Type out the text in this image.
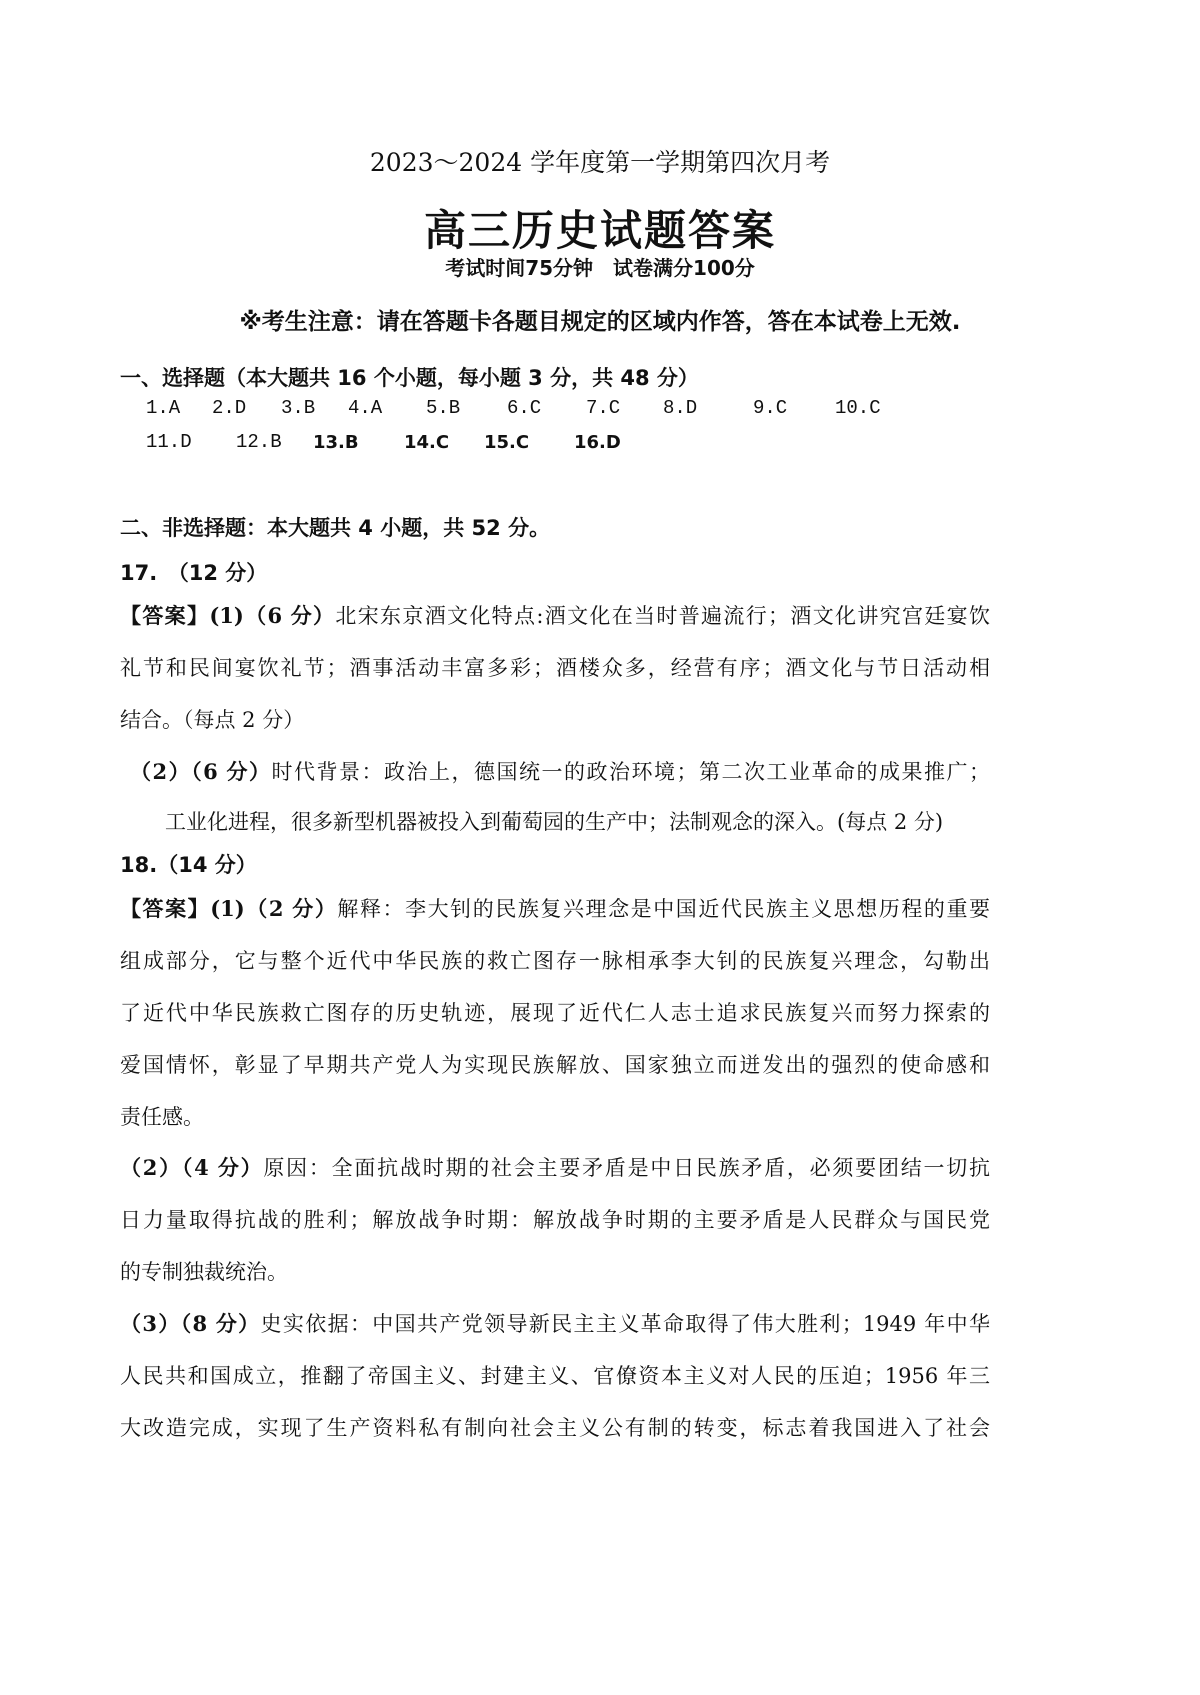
2023～2024 学年度第一学期第四次月考
高三历史试题答案
考试时间75分钟　试卷满分100分
※考生注意：请在答题卡各题目规定的区域内作答，答在本试卷上无效.
一、选择题（本大题共 16 个小题，每小题 3 分，共 48 分）
1.A 2.D 3.B 4.A 5.B 6.C 7.C 8.D	9.C	10.C
11.D 12.B 13.B	14.C 15.C 16.D
二、非选择题：本大题共 4 小题，共 52 分。
17.　（12 分）
【答案】(1)（6 分）北宋东京酒文化特点:酒文化在当时普遍流行；酒文化讲究宫廷宴饮
礼节和民间宴饮礼节；酒事活动丰富多彩；酒楼众多，经营有序；酒文化与节日活动相
结合。（每点 2 分）
（2）（6 分）时代背景：政治上，德国统一的政治环境；第二次工业革命的成果推广；
工业化进程，很多新型机器被投入到葡萄园的生产中；法制观念的深入。(每点 2 分)
18.（14 分）
【答案】(1)（2 分）解释：李大钊的民族复兴理念是中国近代民族主义思想历程的重要
组成部分，它与整个近代中华民族的救亡图存一脉相承李大钊的民族复兴理念，勾勒出
了近代中华民族救亡图存的历史轨迹，展现了近代仁人志士追求民族复兴而努力探索的
爱国情怀，彰显了早期共产党人为实现民族解放、国家独立而迸发出的强烈的使命感和
责任感。
（2）（4 分）原因：全面抗战时期的社会主要矛盾是中日民族矛盾，必须要团结一切抗
日力量取得抗战的胜利；解放战争时期：解放战争时期的主要矛盾是人民群众与国民党
的专制独裁统治。
（3）（8 分）史实依据：中国共产党领导新民主主义革命取得了伟大胜利；1949 年中华
人民共和国成立，推翻了帝国主义、封建主义、官僚资本主义对人民的压迫；1956 年三
大改造完成，实现了生产资料私有制向社会主义公有制的转变，标志着我国进入了社会
